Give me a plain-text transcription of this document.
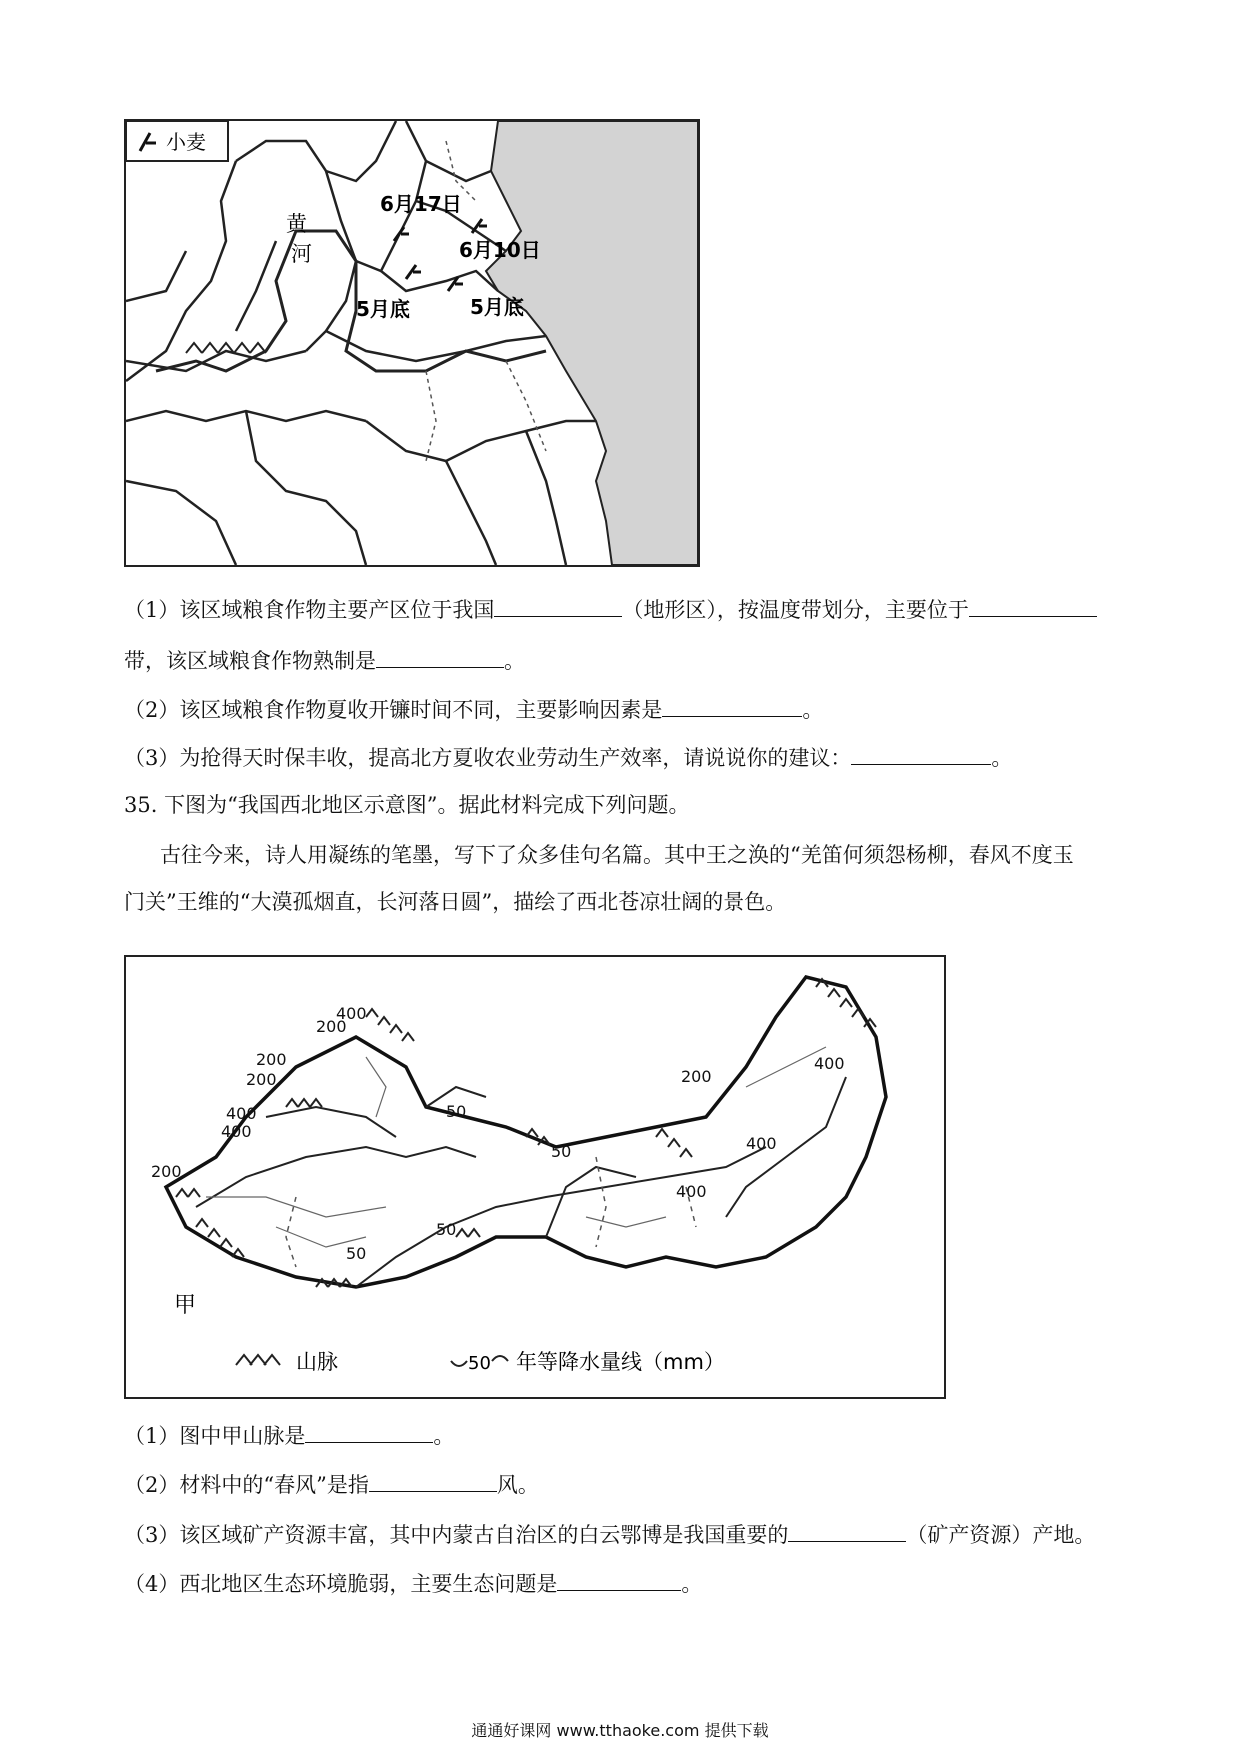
小麦
黄
河
6月17日
6月10日
5月底	5月底
（1）该区域粮食作物主要产区位于我国	（地形区），按温度带划分，主要位于
带，该区域粮食作物熟制是	。
（2）该区域粮食作物夏收开镰时间不同，主要影响因素是	。
（3）为抢得天时保丰收，提高北方夏收农业劳动生产效率，请说说你的建议：	。
35. 下图为“我国西北地区示意图”。据此材料完成下列问题。
古往今来，诗人用凝练的笔墨，写下了众多佳句名篇。其中王之涣的“羌笛何须怨杨柳，春风不度玉
门关”王维的“大漠孤烟直，长河落日圆”，描绘了西北苍凉壮阔的景色。
400
200
200
200
400
400
200
50
50
50
50
200
400
400
400
甲
山脉	50 年等降水量线（mm）
（1）图中甲山脉是	。
（2）材料中的“春风”是指	风。
（3）该区域矿产资源丰富，其中内蒙古自治区的白云鄂博是我国重要的	（矿产资源）产地。
（4）西北地区生态环境脆弱，主要生态问题是	。
通通好课网 www.tthaoke.com 提供下载
